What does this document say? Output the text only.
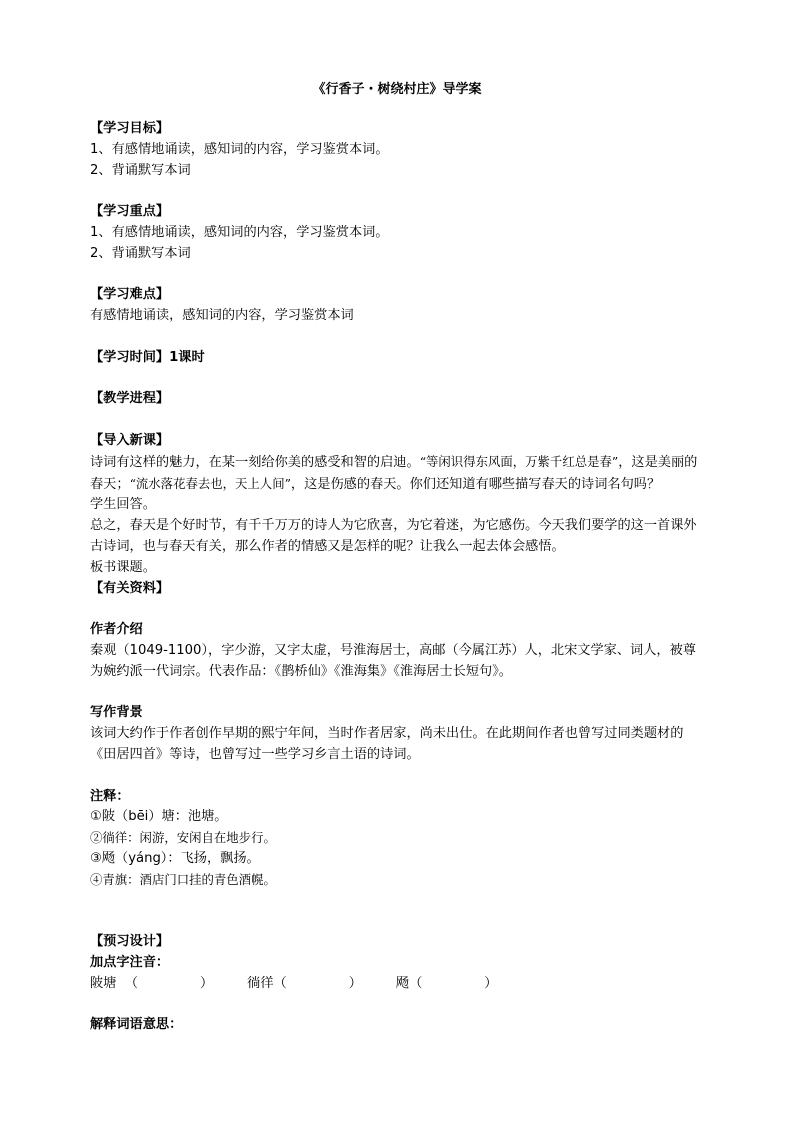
《行香子・树绕村庄》导学案

【学习目标】

1、有感情地诵读，感知词的内容，学习鉴赏本词。

2、背诵默写本词

【学习重点】

1、有感情地诵读，感知词的内容，学习鉴赏本词。

2、背诵默写本词

【学习难点】

有感情地诵读，感知词的内容，学习鉴赏本词

【学习时间】1课时

【教学进程】

【导入新课】

诗词有这样的魅力，在某一刻给你美的感受和智的启迪。“等闲识得东风面，万紫千红总是春”，这是美丽的春天；“流水落花春去也，天上人间”，这是伤感的春天。你们还知道有哪些描写春天的诗词名句吗？

学生回答。

总之，春天是个好时节，有千千万万的诗人为它欣喜，为它着迷，为它感伤。今天我们要学的这一首课外古诗词，也与春天有关，那么作者的情感又是怎样的呢？让我么一起去体会感悟。

板书课题。

【有关资料】

作者介绍

秦观（1049-1100），字少游，又字太虚，号淮海居士，高邮（今属江苏）人，北宋文学家、词人，被尊为婉约派一代词宗。代表作品：《鹊桥仙》《淮海集》《淮海居士长短句》。

写作背景

该词大约作于作者创作早期的熙宁年间，当时作者居家，尚未出仕。在此期间作者也曾写过同类题材的《田居四首》等诗，也曾写过一些学习乡言土语的诗词。

注释：

①陂（bēi）塘：池塘。

②徜徉：闲游，安闲自在地步行。

③飏（yáng）：飞扬，飘扬。

④青旗：酒店门口挂的青色酒幌。

【预习设计】

加点字注音：

陂塘 （	）	徜徉（	）	飏（	）

解释词语意思：
